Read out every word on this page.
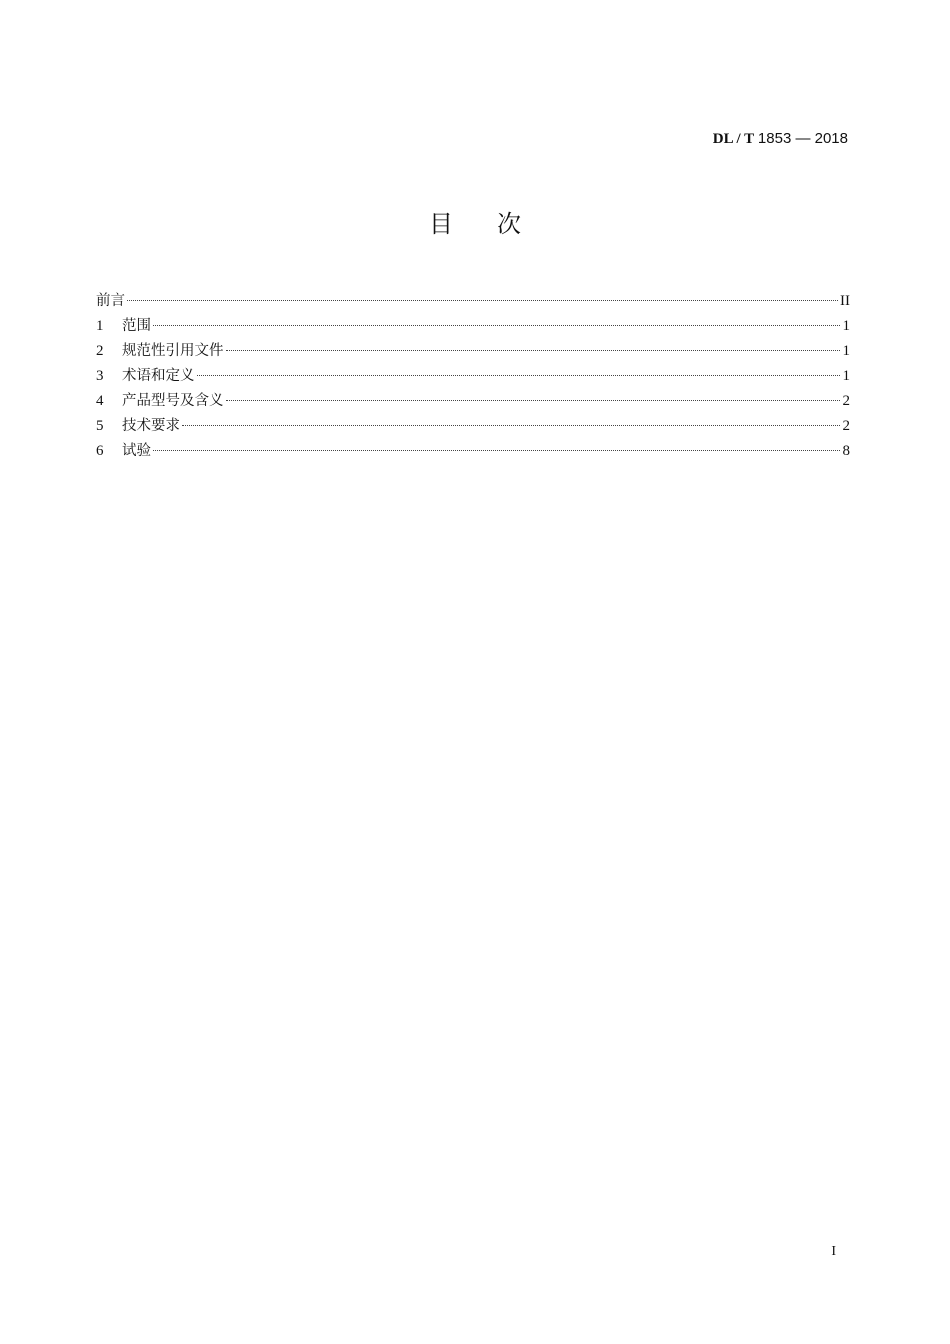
DL / T 1853 — 2018
目 次
前言	II
1	范围	1
2	规范性引用文件	1
3	术语和定义	1
4	产品型号及含义	2
5	技术要求	2
6	试验	8
I
